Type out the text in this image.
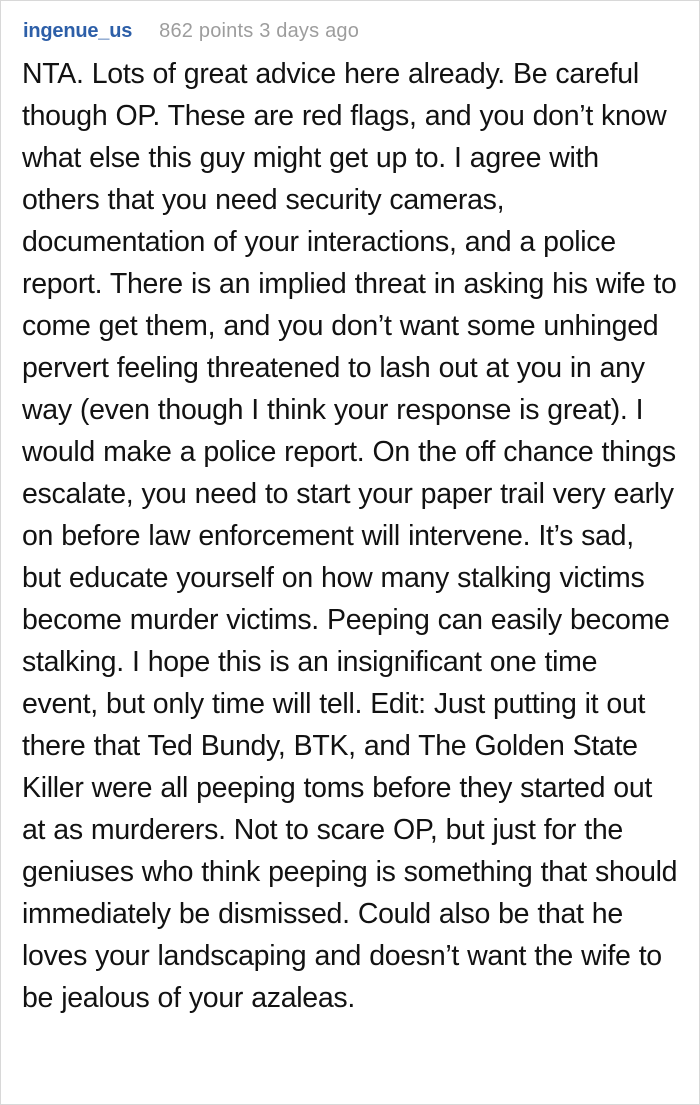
ingenue_us 862 points 3 days ago

NTA. Lots of great advice here already. Be careful though OP. These are red flags, and you don’t know what else this guy might get up to. I agree with others that you need security cameras, documentation of your interactions, and a police report. There is an implied threat in asking his wife to come get them, and you don’t want some unhinged pervert feeling threatened to lash out at you in any way (even though I think your response is great). I would make a police report. On the off chance things escalate, you need to start your paper trail very early on before law enforcement will intervene. It’s sad, but educate yourself on how many stalking victims become murder victims. Peeping can easily become stalking. I hope this is an insignificant one time event, but only time will tell. Edit: Just putting it out there that Ted Bundy, BTK, and The Golden State Killer were all peeping toms before they started out at as murderers. Not to scare OP, but just for the geniuses who think peeping is something that should immediately be dismissed. Could also be that he loves your landscaping and doesn’t want the wife to be jealous of your azaleas.
